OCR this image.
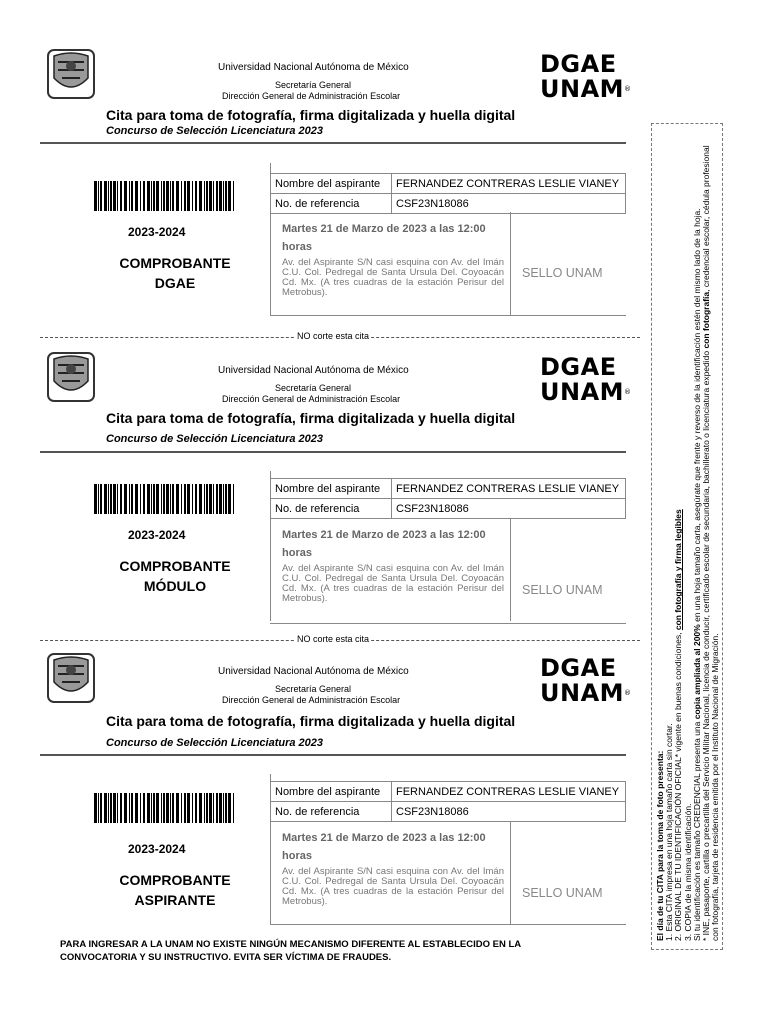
Universidad Nacional Autónoma de México
Secretaría General
Dirección General de Administración Escolar
DGAE
UNAM®
Cita para toma de fotografía, firma digitalizada y huella digital
Concurso de Selección Licenciatura 2023
2023-2024
COMPROBANTE
DGAE
Nombre del aspirante	FERNANDEZ CONTRERAS LESLIE VIANEY
No. de referencia	CSF23N18086
Martes 21 de Marzo de 2023 a las 12:00 horas
Av. del Aspirante S/N casi esquina con Av. del Imán C.U. Col. Pedregal de Santa Ursula Del. Coyoacán Cd. Mx. (A tres cuadras de la estación Perisur del Metrobus).
SELLO UNAM
NO corte esta cita
Universidad Nacional Autónoma de México
Secretaría General
Dirección General de Administración Escolar
DGAE
UNAM®
Cita para toma de fotografía, firma digitalizada y huella digital
Concurso de Selección Licenciatura 2023
2023-2024
COMPROBANTE
MÓDULO
Nombre del aspirante	FERNANDEZ CONTRERAS LESLIE VIANEY
No. de referencia	CSF23N18086
Martes 21 de Marzo de 2023 a las 12:00 horas
Av. del Aspirante S/N casi esquina con Av. del Imán C.U. Col. Pedregal de Santa Ursula Del. Coyoacán Cd. Mx. (A tres cuadras de la estación Perisur del Metrobus).
SELLO UNAM
NO corte esta cita
Universidad Nacional Autónoma de México
Secretaría General
Dirección General de Administración Escolar
DGAE
UNAM®
Cita para toma de fotografía, firma digitalizada y huella digital
Concurso de Selección Licenciatura 2023
2023-2024
COMPROBANTE
ASPIRANTE
Nombre del aspirante	FERNANDEZ CONTRERAS LESLIE VIANEY
No. de referencia	CSF23N18086
Martes 21 de Marzo de 2023 a las 12:00 horas
Av. del Aspirante S/N casi esquina con Av. del Imán C.U. Col. Pedregal de Santa Ursula Del. Coyoacán Cd. Mx. (A tres cuadras de la estación Perisur del Metrobus).
SELLO UNAM
PARA INGRESAR A LA UNAM NO EXISTE NINGÚN MECANISMO DIFERENTE AL ESTABLECIDO EN LA CONVOCATORIA Y SU INSTRUCTIVO. EVITA SER VÍCTIMA DE FRAUDES.
El día de tu CITA para la toma de foto presenta: 1. Esta CITA impresa en una hoja tamaño carta sin cortar. 2. ORIGINAL DE TU IDENTIFICACIÓN OFICIAL* vigente en buenas condiciones, con fotografía y firma legibles
3. COPIA de la misma identificación. Si tu identificación es tamaño CREDENCIAL presenta una copia ampliada al 200% en una hoja tamaño carta, asegúrate que frente y reverso de la identificación estén del mismo lado de la hoja. * INE, pasaporte, cartilla o precartilla del Servicio Militar Nacional, licencia de conducir, certificado escolar de secundaria, bachillerato o licenciatura expedido con fotografía, credencial escolar, cédula profesional con fotografía, tarjeta de residencia emitida por el Instituto Nacional de Migración.
